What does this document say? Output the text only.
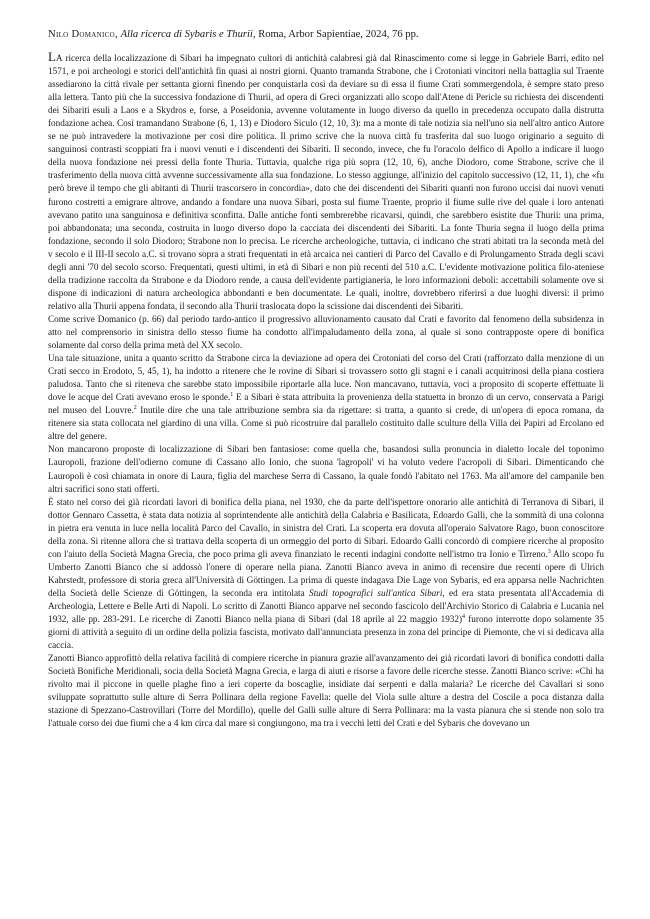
Nilo Domanico, Alla ricerca di Sybaris e Thurii, Roma, Arbor Sapientiae, 2024, 76 pp.

La ricerca della localizzazione di Sibari ha impegnato cultori di antichità calabresi già dal Rinascimento come si legge in Gabriele Barri, edito nel 1571, e poi archeologi e storici dell'antichità fin quasi ai nostri giorni. Quanto tramanda Strabone, che i Crotoniati vincitori nella battaglia sul Traente assediarono la città rivale per settanta giorni finendo per conquistarla così da deviare su di essa il fiume Crati sommergendola, è sempre stato preso alla lettera. Tanto più che la successiva fondazione di Thurii, ad opera di Greci organizzati allo scopo dall'Atene di Pericle su richiesta dei discendenti dei Sibariti esuli a Laos e a Skydros e, forse, a Poseidonia, avvenne volutamente in luogo diverso da quello in precedenza occupato dalla distrutta fondazione achea. Così tramandano Strabone (6, 1, 13) e Diodoro Siculo (12, 10, 3): ma a monte di tale notizia sia nell'uno sia nell'altro antico Autore se ne può intravedere la motivazione per così dire politica. Il primo scrive che la nuova città fu trasferita dal suo luogo originario a seguito di sanguinosi contrasti scoppiati fra i nuovi venuti e i discendenti dei Sibariti. Il secondo, invece, che fu l'oracolo delfico di Apollo a indicare il luogo della nuova fondazione nei pressi della fonte Thuria. Tuttavia, qualche riga più sopra (12, 10, 6), anche Diodoro, come Strabone, scrive che il trasferimento della nuova città avvenne successivamente alla sua fondazione. Lo stesso aggiunge, all'inizio del capitolo successivo (12, 11, 1), che «fu però breve il tempo che gli abitanti di Thurii trascorsero in concordia», dato che dei discendenti dei Sibariti quanti non furono uccisi dai nuovi venuti furono costretti a emigrare altrove, andando a fondare una nuova Sibari, posta sul fiume Traente, proprio il fiume sulle rive del quale i loro antenati avevano patito una sanguinosa e definitiva sconfitta. Dalle antiche fonti sembrerebbe ricavarsi, quindi, che sarebbero esistite due Thurii: una prima, poi abbandonata; una seconda, costruita in luogo diverso dopo la cacciata dei discendenti dei Sibariti. La fonte Thuria segna il luogo della prima fondazione, secondo il solo Diodoro; Strabone non lo precisa. Le ricerche archeologiche, tuttavia, ci indicano che strati abitati tra la seconda metà del v secolo e il III-II secolo a.C. si trovano sopra a strati frequentati in età arcaica nei cantieri di Parco del Cavallo e di Prolungamento Strada degli scavi degli anni '70 del secolo scorso. Frequentati, questi ultimi, in età di Sibari e non più recenti del 510 a.C. L'evidente motivazione politica filo-ateniese della tradizione raccolta da Strabone e da Diodoro rende, a causa dell'evidente partigianeria, le loro informazioni deboli: accettabili solamente ove si dispone di indicazioni di natura archeologica abbondanti e ben documentate. Le quali, inoltre, dovrebbero riferirsi a due luoghi diversi: il primo relativo alla Thurii appena fondata, il secondo alla Thurii traslocata dopo la scissione dai discendenti dei Sibariti.

Come scrive Domanico (p. 66) dal periodo tardo-antico il progressivo alluvionamento causato dal Crati e favorito dal fenomeno della subsidenza in atto nel comprensorio in sinistra dello stesso fiume ha condotto all'impaludamento della zona, al quale si sono contrapposte opere di bonifica solamente dal corso della prima metà del XX secolo.

Una tale situazione, unita a quanto scritto da Strabone circa la deviazione ad opera dei Crotoniati del corso del Crati (rafforzato dalla menzione di un Crati secco in Erodoto, 5, 45, 1), ha indotto a ritenere che le rovine di Sibari si trovassero sotto gli stagni e i canali acquitrinosi della piana costiera paludosa. Tanto che si riteneva che sarebbe stato impossibile riportarle alla luce. Non mancavano, tuttavia, voci a proposito di scoperte effettuate lì dove le acque del Crati avevano eroso le sponde.$^1$ E a Sibari è stata attribuita la provenienza della statuetta in bronzo di un cervo, conservata a Parigi nel museo del Louvre.$^2$ Inutile dire che una tale attribuzione sembra sia da rigettare: si tratta, a quanto si crede, di un'opera di epoca romana, da ritenere sia stata collocata nel giardino di una villa. Come si può ricostruire dal parallelo costituito dalle sculture della Villa dei Papiri ad Ercolano ed altre del genere.

Non mancarono proposte di localizzazione di Sibari ben fantasiose: come quella che, basandosi sulla pronuncia in dialetto locale del toponimo Lauropoli, frazione dell'odierno comune di Cassano allo Ionio, che suona 'lagropoli' vi ha voluto vedere l'acropoli di Sibari. Dimenticando che Lauropoli è così chiamata in onore di Laura, figlia del marchese Serra di Cassano, la quale fondò l'abitato nel 1763. Ma all'amore del campanile ben altri sacrifici sono stati offerti.

È stato nel corso dei già ricordati lavori di bonifica della piana, nel 1930, che da parte dell'ispettore onorario alle antichità di Terranova di Sibari, il dottor Gennaro Cassetta, è stata data notizia al soprintendente alle antichità della Calabria e Basilicata, Edoardo Galli, che la sommità di una colonna in pietra era venuta in luce nella località Parco del Cavallo, in sinistra del Crati. La scoperta era dovuta all'operaio Salvatore Rago, buon conoscitore della zona. Si ritenne allora che si trattava della scoperta di un ormeggio del porto di Sibari. Edoardo Galli concordò di compiere ricerche al proposito con l'aiuto della Società Magna Grecia, che poco prima gli aveva finanziato le recenti indagini condotte nell'istmo tra Ionio e Tirreno.$^3$ Allo scopo fu Umberto Zanotti Bianco che si addossò l'onere di operare nella piana. Zanotti Bianco aveva in animo di recensire due recenti opere di Ulrich Kahrstedt, professore di storia greca all'Università di Göttingen. La prima di queste indagava Die Lage von Sybaris, ed era apparsa nelle Nachrichten della Società delle Scienze di Göttingen, la seconda era intitolata Studi topografici sull'antica Sibari, ed era stata presentata all'Accademia di Archeologia, Lettere e Belle Arti di Napoli. Lo scritto di Zanotti Bianco apparve nel secondo fascicolo dell'Archivio Storico di Calabria e Lucania nel 1932, alle pp. 283-291. Le ricerche di Zanotti Bianco nella piana di Sibari (dal 18 aprile al 22 maggio 1932)$^4$ furono interrotte dopo solamente 35 giorni di attività a seguito di un ordine della polizia fascista, motivato dall'annunciata presenza in zona del principe di Piemonte, che vi si dedicava alla caccia.

Zanotti Bianco approfittò della relativa facilità di compiere ricerche in pianura grazie all'avanzamento dei già ricordati lavori di bonifica condotti dalla Società Bonifiche Meridionali, socia della Società Magna Grecia, e larga di aiuti e risorse a favore delle ricerche stesse. Zanotti Bianco scrive: «Chi ha rivolto mai il piccone in quelle plaghe fino a ieri coperte da boscaglie, insidiate dai serpenti e dalla malaria? Le ricerche del Cavallari si sono sviluppate soprattutto sulle alture di Serra Pollinara della regione Favella: quelle del Viola sulle alture a destra del Coscile a poca distanza dalla stazione di Spezzano-Castrovillari (Torre del Mordillo), quelle del Galli sulle alture di Serra Pollinara: ma la vasta pianura che si stende non solo tra l'attuale corso dei due fiumi che a 4 km circa dal mare si congiungono, ma tra i vecchi letti del Crati e del Sybaris che dovevano un
